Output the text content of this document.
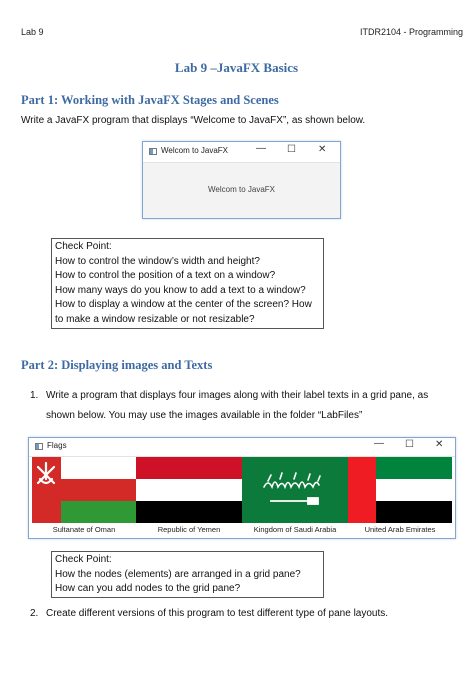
Lab 9	ITDR2104 - Programming
Lab 9 –JavaFX Basics
Part 1: Working with JavaFX Stages and Scenes
Write a JavaFX program that displays “Welcome to JavaFX”, as shown below.
Welcom to JavaFX	— ☐ ✕
Welcom to JavaFX
Check Point:
How to control the window’s width and height?
How to control the position of a text on a window?
How many ways do you know to add a text to a window?
How to display a window at the center of the screen? How
to make a window resizable or not resizable?
Part 2: Displaying images and Texts
1. Write a program that displays four images along with their label texts in a grid pane, as
shown below. You may use the images available in the folder “LabFiles”
Flags	— ☐ ✕
Sultanate of Oman	Republic of Yemen	Kingdom of Saudi Arabia	United Arab Emirates
Check Point:
How the nodes (elements) are arranged in a grid pane?
How can you add nodes to the grid pane?
2. Create different versions of this program to test different type of pane layouts.
